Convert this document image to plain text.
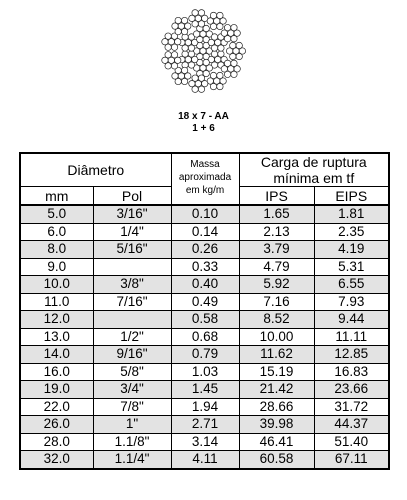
18 x 7 - AA
1 + 6
Diâmetro		Massa
aproximada
em kg/m	Carga de ruptura
mínima em tf	
mm	Pol		IPS	EIPS
5.0	3/16"	0.10	1.65	1.81
6.0	1/4"	0.14	2.13	2.35
8.0	5/16"	0.26	3.79	4.19
9.0		0.33	4.79	5.31
10.0	3/8"	0.40	5.92	6.55
11.0	7/16"	0.49	7.16	7.93
12.0		0.58	8.52	9.44
13.0	1/2"	0.68	10.00	11.11
14.0	9/16"	0.79	11.62	12.85
16.0	5/8"	1.03	15.19	16.83
19.0	3/4"	1.45	21.42	23.66
22.0	7/8"	1.94	28.66	31.72
26.0	1"	2.71	39.98	44.37
28.0	1.1/8"	3.14	46.41	51.40
32.0	1.1/4"	4.11	60.58	67.11
